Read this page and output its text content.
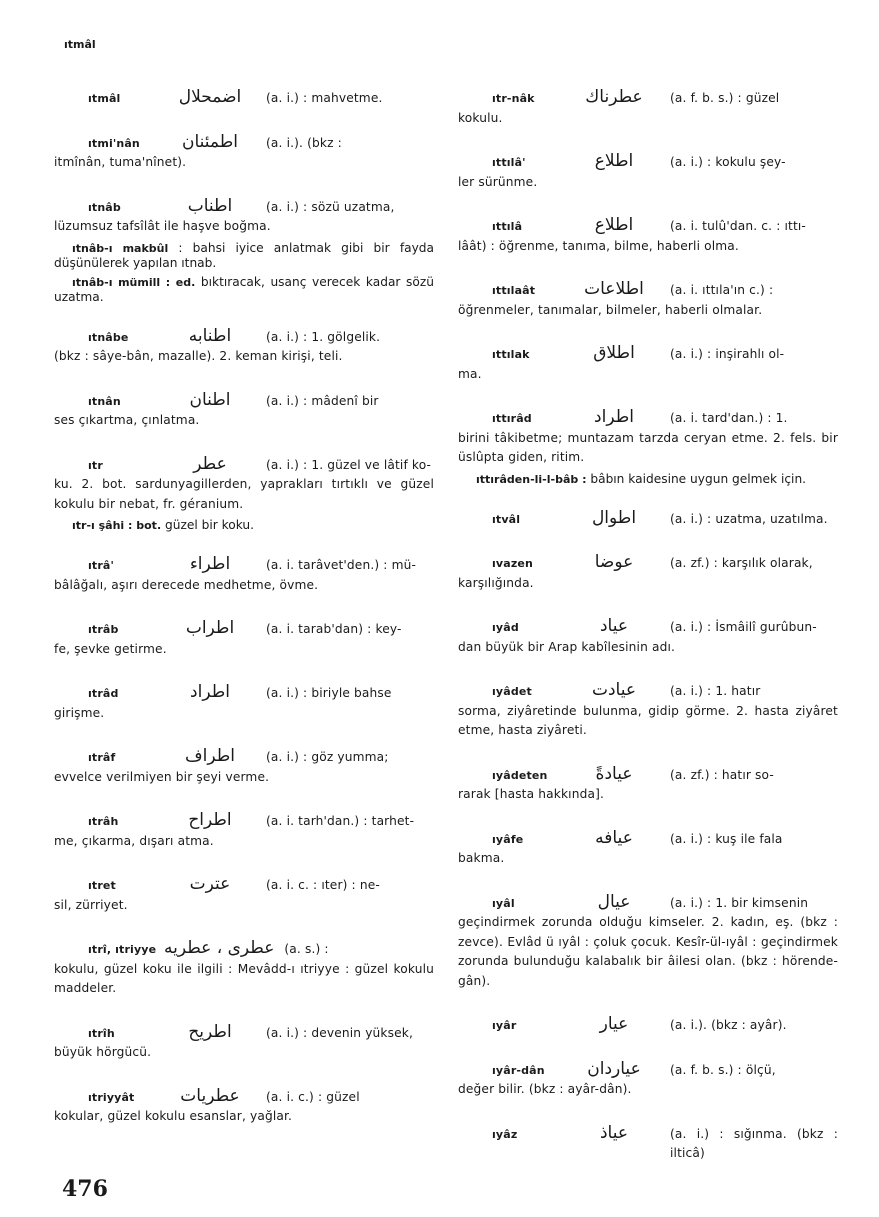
ıtmâl
ıtmâl	اضمحلال	(a. i.) : mahvetme.
ıtmi'nân	اطمئنان	(a. i.). (bkz :
itmînân, tuma'nînet).
ıtnâb	اطناب	(a. i.) : sözü uzatma,
lüzumsuz tafsîlât ile haşve boğma.
ıtnâb-ı makbûl : bahsi iyice anlatmak gibi bir fayda düşünülerek yapılan ıtnab.
ıtnâb-ı mümill : ed. bıktıracak, usanç verecek kadar sözü uzatma.
ıtnâbe	اطنابه	(a. i.) : 1. gölgelik.
(bkz : sâye-bân, mazalle). 2. keman kirişi, teli.
ıtnân	اطنان	(a. i.) : mâdenî bir
ses çıkartma, çınlatma.
ıtr	عطر	(a. i.) : 1. güzel ve lâtif ko-
ku. 2. bot. sardunyagillerden, yaprakları tırtıklı ve güzel kokulu bir nebat, fr. géranium.
ıtr-ı şâhi : bot. güzel bir koku.
ıtrâ'	اطراء	(a. i. tarâvet'den.) : mü-
bâlâğalı, aşırı derecede medhetme, övme.
ıtrâb	اطراب	(a. i. tarab'dan) : key-
fe, şevke getirme.
ıtrâd	اطراد	(a. i.) : biriyle bahse
girişme.
ıtrâf	اطراف	(a. i.) : göz yumma;
evvelce verilmiyen bir şeyi verme.
ıtrâh	اطراح	(a. i. tarh'dan.) : tarhet-
me, çıkarma, dışarı atma.
ıtret	عترت	(a. i. c. : ıter) : ne-
sil, zürriyet.
ıtrî, ıtriyye عطری ، عطریه (a. s.) :
kokulu, güzel koku ile ilgili : Mevâdd-ı ıtriyye : güzel kokulu maddeler.
ıtrîh	اطریح	(a. i.) : devenin yüksek,
büyük hörgücü.
ıtriyyât	عطریات	(a. i. c.) : güzel
kokular, güzel kokulu esanslar, yağlar.
ıtr-nâk	عطرناك	(a. f. b. s.) : güzel
kokulu.
ıttılâ'	اطلاع	(a. i.) : kokulu şey-
ler sürünme.
ıttılâ	اطلاع	(a. i. tulû'dan. c. : ıttı-
lâât) : öğrenme, tanıma, bilme, haberli olma.
ıttılaât	اطلاعات	(a. i. ıttıla'ın c.) :
öğrenmeler, tanımalar, bilmeler, haberli olmalar.
ıttılak	اطلاق	(a. i.) : inşirahlı ol-
ma.
ıttırâd	اطراد	(a. i. tard'dan.) : 1.
birini tâkibetme; muntazam tarzda ceryan etme. 2. fels. bir üslûpta giden, ritim.
ıttırâden-li-l-bâb : bâbın kaidesine uygun gelmek için.
ıtvâl	اطوال	(a. i.) : uzatma, uzatılma.
ıvazen	عوضا	(a. zf.) : karşılık olarak,
karşılığında.
ıyâd	عیاد	(a. i.) : İsmâilî gurûbun-
dan büyük bir Arap kabîlesinin adı.
ıyâdet	عیادت	(a. i.) : 1. hatır
sorma, ziyâretinde bulunma, gidip görme. 2. hasta ziyâret etme, hasta ziyâreti.
ıyâdeten	عیادةً	(a. zf.) : hatır so-
rarak [hasta hakkında].
ıyâfe	عیافه	(a. i.) : kuş ile fala
bakma.
ıyâl	عیال	(a. i.) : 1. bir kimsenin
geçindirmek zorunda olduğu kimseler. 2. kadın, eş. (bkz : zevce). Evlâd ü ıyâl : çoluk çocuk. Kesîr-ül-ıyâl : geçindirmek zorunda bulunduğu kalabalık bir âilesi olan. (bkz : hörende-gân).
ıyâr	عیار	(a. i.). (bkz : ayâr).
ıyâr-dân	عیاردان	(a. f. b. s.) : ölçü,
değer bilir. (bkz : ayâr-dân).
ıyâz	عیاذ	(a. i.) : sığınma. (bkz : ilticâ)
476
